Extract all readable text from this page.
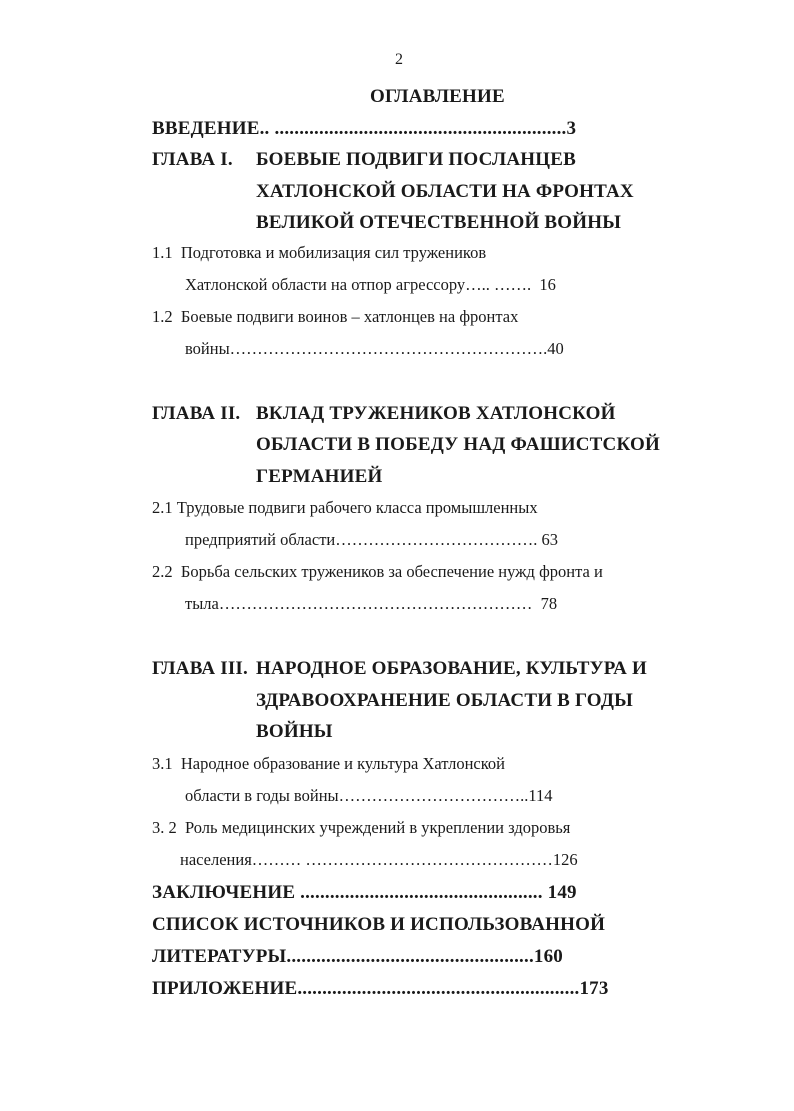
2
ОГЛАВЛЕНИЕ
ВВЕДЕНИЕ.. ...........................................................3
ГЛАВА I. БОЕВЫЕ ПОДВИГИ ПОСЛАНЦЕВ
ХАТЛОНСКОЙ ОБЛАСТИ НА ФРОНТАХ
ВЕЛИКОЙ ОТЕЧЕСТВЕННОЙ ВОЙНЫ
1.1  Подготовка и мобилизация сил тружеников
Хатлонской области на отпор агрессору….. …….  16
1.2  Боевые подвиги воинов – хатлонцев на фронтах
войны………………………………………………….40
ГЛАВА II. ВКЛАД ТРУЖЕНИКОВ ХАТЛОНСКОЙ
ОБЛАСТИ В ПОБЕДУ НАД ФАШИСТСКОЙ
ГЕРМАНИЕЙ
2.1 Трудовые подвиги рабочего класса промышленных
предприятий области………………………………. 63
2.2  Борьба сельских тружеников за обеспечение нужд фронта и
тыла…………………………………………………  78
ГЛАВА III. НАРОДНОЕ ОБРАЗОВАНИЕ, КУЛЬТУРА И
ЗДРАВООХРАНЕНИЕ ОБЛАСТИ В ГОДЫ
ВОЙНЫ
3.1  Народное образование и культура Хатлонской
области в годы войны……………………………..114
3. 2  Роль медицинских учреждений в укреплении здоровья
населения……… ………………………………………126
ЗАКЛЮЧЕНИЕ ................................................. 149
СПИСОК ИСТОЧНИКОВ И ИСПОЛЬЗОВАННОЙ
ЛИТЕРАТУРЫ..................................................160
ПРИЛОЖЕНИЕ.........................................................173
